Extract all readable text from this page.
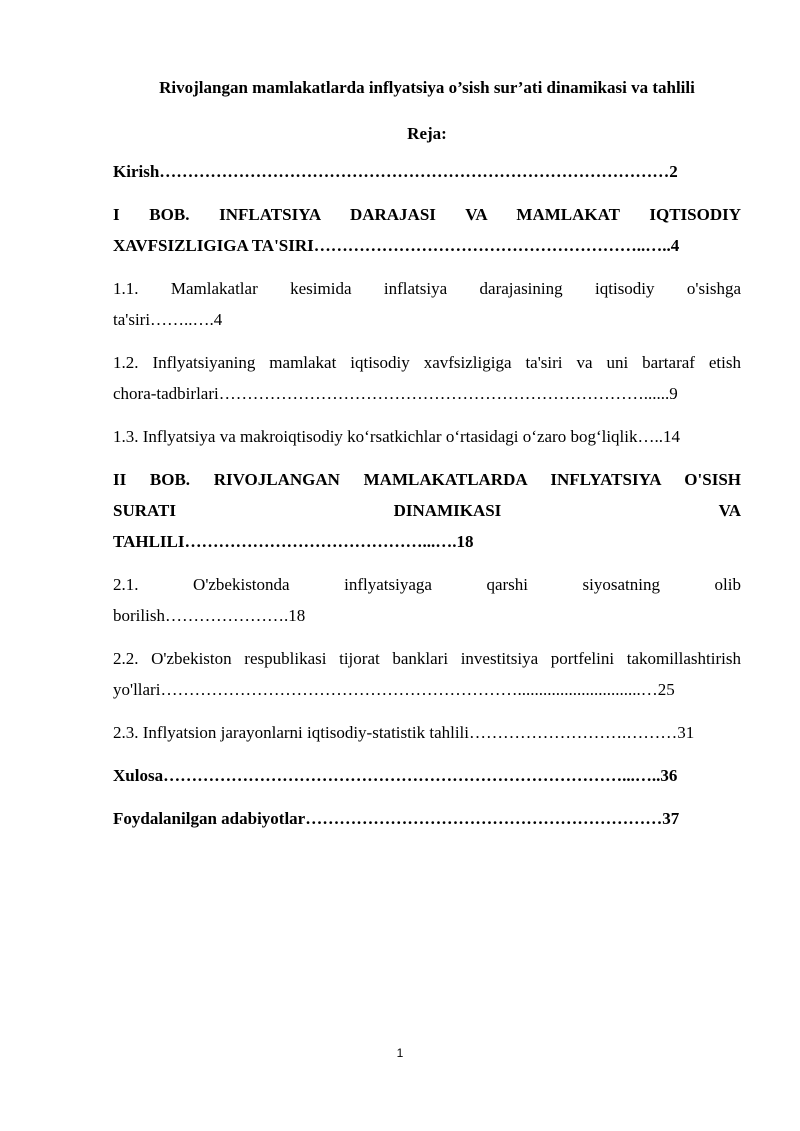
Rivojlangan mamlakatlarda inflyatsiya o’sish sur’ati dinamikasi va tahlili

Reja:

Kirish………………………………………………………………………………2

I BOB. INFLATSIYA DARAJASI VA MAMLAKAT IQTISODIY
XAVFSIZLIGIGA TA'SIRI…………………………………………………..…..4

1.1. Mamlakatlar kesimida inflatsiya darajasining iqtisodiy o'sishga
ta'siri……..….4

1.2. Inflyatsiyaning mamlakat iqtisodiy xavfsizligiga ta'siri va uni bartaraf etish
chora-tadbirlari…………………………………………………………………......9

1.3. Inflyatsiya va makroiqtisodiy ko‘rsatkichlar o‘rtasidagi o‘zaro bog‘liqlik…..14

II BOB. RIVOJLANGAN MAMLAKATLARDA INFLYATSIYA O'SISH
SURATI DINAMIKASI VA
TAHLILI……………………………………...….18

2.1. O'zbekistonda inflyatsiyaga qarshi siyosatning olib
borilish………………….18

2.2. O'zbekiston respublikasi tijorat banklari investitsiya portfelini takomillashtirish
yo'llari……………………………………………………….............................…25

2.3. Inflyatsion jarayonlarni iqtisodiy-statistik tahlili……………………….………31

Xulosa………………………………………………………………………...…..36

Foydalanilgan adabiyotlar………………………………………………………37

1
